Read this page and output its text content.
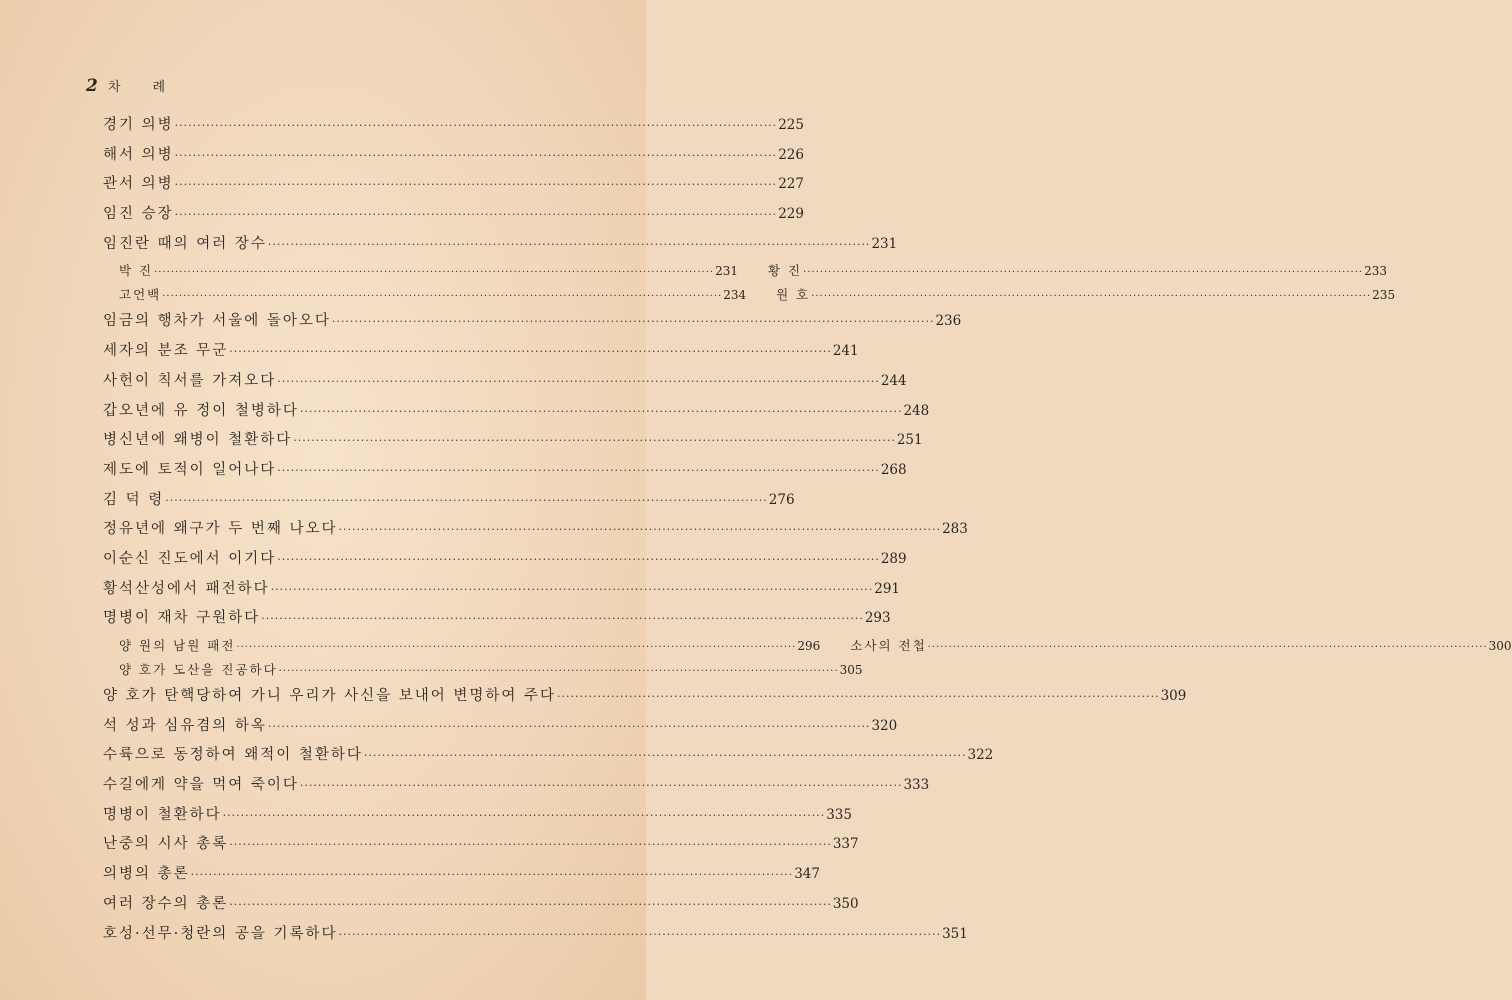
2 차 례
경기 의병 ·····	225
해서 의병 ·····	226
관서 의병 ·····	227
임진 승장 ·····	229
임진란 때의 여러 장수 ·····	231
박 진 ·····	231 황 진 ·····	233
고언백 ·····	234 원 호 ·····	235
임금의 행차가 서울에 돌아오다 ·····	236
세자의 분조 무군 ·····	241
사헌이 칙서를 가져오다 ·····	244
갑오년에 유 정이 철병하다 ·····	248
병신년에 왜병이 철환하다 ·····	251
제도에 토적이 일어나다 ·····	268
김 덕 령 ·····	276
정유년에 왜구가 두 번째 나오다 ·····	283
이순신 진도에서 이기다 ·····	289
황석산성에서 패전하다 ·····	291
명병이 재차 구원하다 ·····	293
양 원의 남원 패전 ·····	296 소사의 전첩 ·····	300
양 호가 도산을 진공하다 ·····	305
양 호가 탄핵당하여 가니 우리가 사신을 보내어 변명하여 주다 ·····	309
석 성과 심유겸의 하옥 ·····	320
수륙으로 동정하여 왜적이 철환하다 ·····	322
수길에게 약을 먹여 죽이다 ·····	333
명병이 철환하다 ·····	335
난중의 시사 총록 ·····	337
의병의 총론 ·····	347
여러 장수의 총론 ·····	350
호성·선무·청란의 공을 기록하다 ·····	351
